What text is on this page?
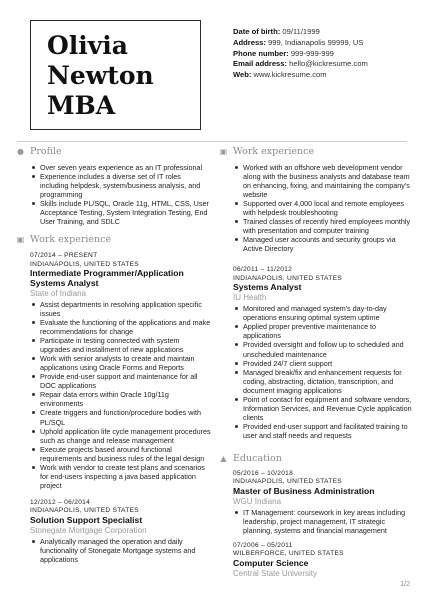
Olivia
Newton
MBA
Date of birth: 09/11/1999
Address: 999, Indianapolis 99999, US
Phone number: 999-999-999
Email address: hello@kickresume.com
Web: www.kickresume.com
● Profile
Over seven years experience as an IT professional
Experience includes a diverse set of IT roles including helpdesk, system/business analysis, and programming
Skills include PL/SQL, Oracle 11g, HTML, CSS, User Acceptance Testing, System Integration Testing, End User Training, and SDLC
▣ Work experience
07/2014 – PRESENT
INDIANAPOLIS, UNITED STATES
Intermediate Programmer/Application Systems Analyst
State of Indiana
Assist departments in resolving application specific issues
Evaluate the functioning of the applications and make recommendations for change
Participate in testing connected with system upgrades and installment of new applications
Work with senior analysts to create and maintain applications using Oracle Forms and Reports
Provide end-user support and maintenance for all DOC applications
Repair data errors within Oracle 10g/11g environments
Create triggers and function/procedure bodies with PL/SQL
Uphold application life cycle management procedures such as change and release management
Execute projects based around functional requirements and business rules of the legal design
Work with vendor to create test plans and scenarios for end-users inspecting a java based application project
12/2012 – 06/2014
INDIANAPOLIS, UNITED STATES
Solution Support Specialist
Stonegate Mortgage Corporation
Analytically managed the operation and daily functionality of Stonegate Mortgage systems and applications
▣ Work experience
Worked with an offshore web development vendor along with the business analysts and database team on enhancing, fixing, and maintaining the company's website
Supported over 4,000 local and remote employees with helpdesk troubleshooting
Trained classes of recently hired employees monthly with presentation and computer training
Managed user accounts and security groups via Active Directory
06/2011 – 11/2012
INDIANAPOLIS, UNITED STATES
Systems Analyst
IU Health
Monitored and managed system's day-to-day operations ensuring optimal system uptime
Applied proper preventive maintenance to applications
Provided oversight and follow up to scheduled and unscheduled maintenance
Provided 24/7 client support
Managed break/fix and enhancement requests for coding, abstracting, dictation, transcription, and document imaging applications
Point of contact for equipment and software vendors, Information Services, and Revenue Cycle application clients
Provided end-user support and facilitated training to user and staff needs and requests
▲ Education
05/2016 – 10/2018
INDIANAPOLIS, UNITED STATES
Master of Business Administration
WGU Indiana
IT Management: coursework in key areas including leadership, project management, IT strategic planning, systems and financial management
07/2006 – 05/2011
WILBERFORCE, UNITED STATES
Computer Science
Central State University
1/2
